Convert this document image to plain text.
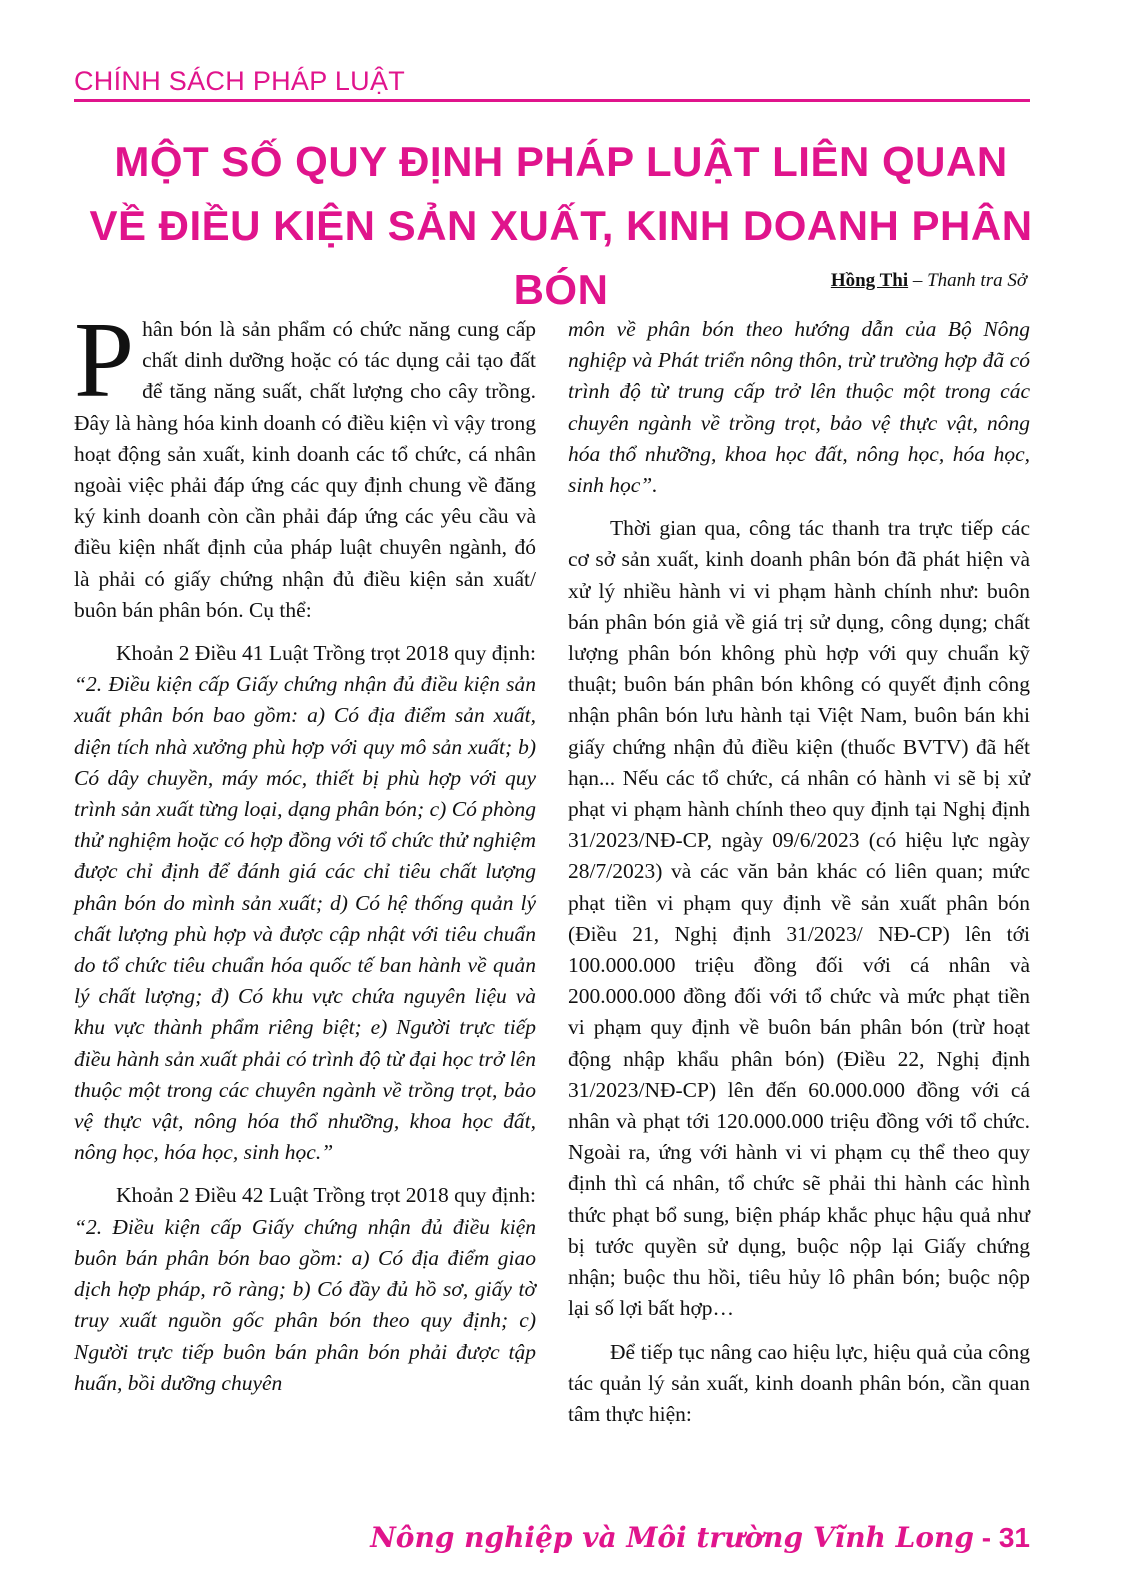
CHÍNH SÁCH PHÁP LUẬT
MỘT SỐ QUY ĐỊNH PHÁP LUẬT LIÊN QUAN
VỀ ĐIỀU KIỆN SẢN XUẤT, KINH DOANH PHÂN BÓN	Hồng Thi – Thanh tra Sở

Phân bón là sản phẩm có chức năng cung cấp chất dinh dưỡng hoặc có tác dụng cải tạo đất để tăng năng suất, chất lượng cho cây trồng. Đây là hàng hóa kinh doanh có điều kiện vì vậy trong hoạt động sản xuất, kinh doanh các tổ chức, cá nhân ngoài việc phải đáp ứng các quy định chung về đăng ký kinh doanh còn cần phải đáp ứng các yêu cầu và điều kiện nhất định của pháp luật chuyên ngành, đó là phải có giấy chứng nhận đủ điều kiện sản xuất/ buôn bán phân bón. Cụ thể:

Khoản 2 Điều 41 Luật Trồng trọt 2018 quy định: “2. Điều kiện cấp Giấy chứng nhận đủ điều kiện sản xuất phân bón bao gồm: a) Có địa điểm sản xuất, diện tích nhà xưởng phù hợp với quy mô sản xuất; b) Có dây chuyền, máy móc, thiết bị phù hợp với quy trình sản xuất từng loại, dạng phân bón; c) Có phòng thử nghiệm hoặc có hợp đồng với tổ chức thử nghiệm được chỉ định để đánh giá các chỉ tiêu chất lượng phân bón do mình sản xuất; d) Có hệ thống quản lý chất lượng phù hợp và được cập nhật với tiêu chuẩn do tổ chức tiêu chuẩn hóa quốc tế ban hành về quản lý chất lượng; đ) Có khu vực chứa nguyên liệu và khu vực thành phẩm riêng biệt; e) Người trực tiếp điều hành sản xuất phải có trình độ từ đại học trở lên thuộc một trong các chuyên ngành về trồng trọt, bảo vệ thực vật, nông hóa thổ nhưỡng, khoa học đất, nông học, hóa học, sinh học.”

Khoản 2 Điều 42 Luật Trồng trọt 2018 quy định: “2. Điều kiện cấp Giấy chứng nhận đủ điều kiện buôn bán phân bón bao gồm: a) Có địa điểm giao dịch hợp pháp, rõ ràng; b) Có đầy đủ hồ sơ, giấy tờ truy xuất nguồn gốc phân bón theo quy định; c) Người trực tiếp buôn bán phân bón phải được tập huấn, bồi dưỡng chuyên

môn về phân bón theo hướng dẫn của Bộ Nông nghiệp và Phát triển nông thôn, trừ trường hợp đã có trình độ từ trung cấp trở lên thuộc một trong các chuyên ngành về trồng trọt, bảo vệ thực vật, nông hóa thổ nhưỡng, khoa học đất, nông học, hóa học, sinh học”.

Thời gian qua, công tác thanh tra trực tiếp các cơ sở sản xuất, kinh doanh phân bón đã phát hiện và xử lý nhiều hành vi vi phạm hành chính như: buôn bán phân bón giả về giá trị sử dụng, công dụng; chất lượng phân bón không phù hợp với quy chuẩn kỹ thuật; buôn bán phân bón không có quyết định công nhận phân bón lưu hành tại Việt Nam, buôn bán khi giấy chứng nhận đủ điều kiện (thuốc BVTV) đã hết hạn... Nếu các tổ chức, cá nhân có hành vi sẽ bị xử phạt vi phạm hành chính theo quy định tại Nghị định 31/2023/NĐ-CP, ngày 09/6/2023 (có hiệu lực ngày 28/7/2023) và các văn bản khác có liên quan; mức phạt tiền vi phạm quy định về sản xuất phân bón (Điều 21, Nghị định 31/2023/ NĐ-CP) lên tới 100.000.000 triệu đồng đối với cá nhân và 200.000.000 đồng đối với tổ chức và mức phạt tiền vi phạm quy định về buôn bán phân bón (trừ hoạt động nhập khẩu phân bón) (Điều 22, Nghị định 31/2023/NĐ-CP) lên đến 60.000.000 đồng với cá nhân và phạt tới 120.000.000 triệu đồng với tổ chức. Ngoài ra, ứng với hành vi vi phạm cụ thể theo quy định thì cá nhân, tổ chức sẽ phải thi hành các hình thức phạt bổ sung, biện pháp khắc phục hậu quả như bị tước quyền sử dụng, buộc nộp lại Giấy chứng nhận; buộc thu hồi, tiêu hủy lô phân bón; buộc nộp lại số lợi bất hợp…

Để tiếp tục nâng cao hiệu lực, hiệu quả của công tác quản lý sản xuất, kinh doanh phân bón, cần quan tâm thực hiện:

Nông nghiệp và Môi trường Vĩnh Long - 31
